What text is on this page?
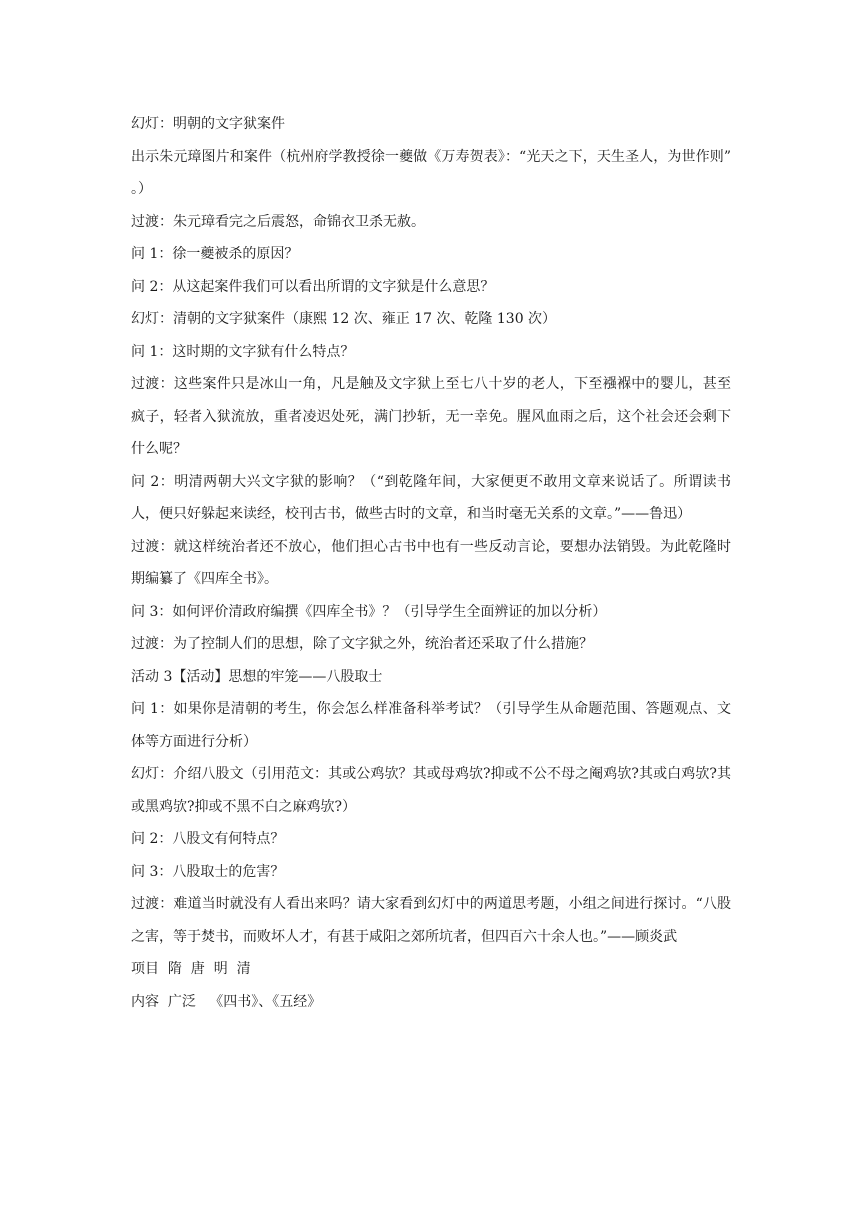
幻灯：明朝的文字狱案件

出示朱元璋图片和案件（杭州府学教授徐一夔做《万寿贺表》：“光天之下，天生圣人，为世作则” 。）

过渡：朱元璋看完之后震怒，命锦衣卫杀无赦。

问 1：徐一夔被杀的原因？

问 2：从这起案件我们可以看出所谓的文字狱是什么意思？

幻灯：清朝的文字狱案件（康熙 12 次、雍正 17 次、乾隆 130 次）

问 1：这时期的文字狱有什么特点？

过渡：这些案件只是冰山一角，凡是触及文字狱上至七八十岁的老人，下至襁褓中的婴儿，甚至疯子，轻者入狱流放，重者凌迟处死，满门抄斩，无一幸免。腥风血雨之后，这个社会还会剩下什么呢？

问 2：明清两朝大兴文字狱的影响？（“到乾隆年间，大家便更不敢用文章来说话了。所谓读书人，便只好躲起来读经，校刊古书，做些古时的文章，和当时毫无关系的文章。”——鲁迅）

过渡：就这样统治者还不放心，他们担心古书中也有一些反动言论，要想办法销毁。为此乾隆时期编纂了《四库全书》。

问 3：如何评价清政府编撰《四库全书》？（引导学生全面辨证的加以分析）

过渡：为了控制人们的思想，除了文字狱之外，统治者还采取了什么措施？

活动 3【活动】思想的牢笼——八股取士

问 1：如果你是清朝的考生，你会怎么样准备科举考试？（引导学生从命题范围、答题观点、文体等方面进行分析）

幻灯：介绍八股文（引用范文：其或公鸡欤？其或母鸡欤?抑或不公不母之阉鸡欤?其或白鸡欤?其或黑鸡欤?抑或不黑不白之麻鸡欤?）

问 2：八股文有何特点？

问 3：八股取士的危害？

过渡：难道当时就没有人看出来吗？请大家看到幻灯中的两道思考题，小组之间进行探讨。“八股之害，等于焚书，而败坏人才，有甚于咸阳之郊所坑者，但四百六十余人也。”——顾炎武

项目  隋  唐  明  清

内容  广泛   《四书》、《五经》
